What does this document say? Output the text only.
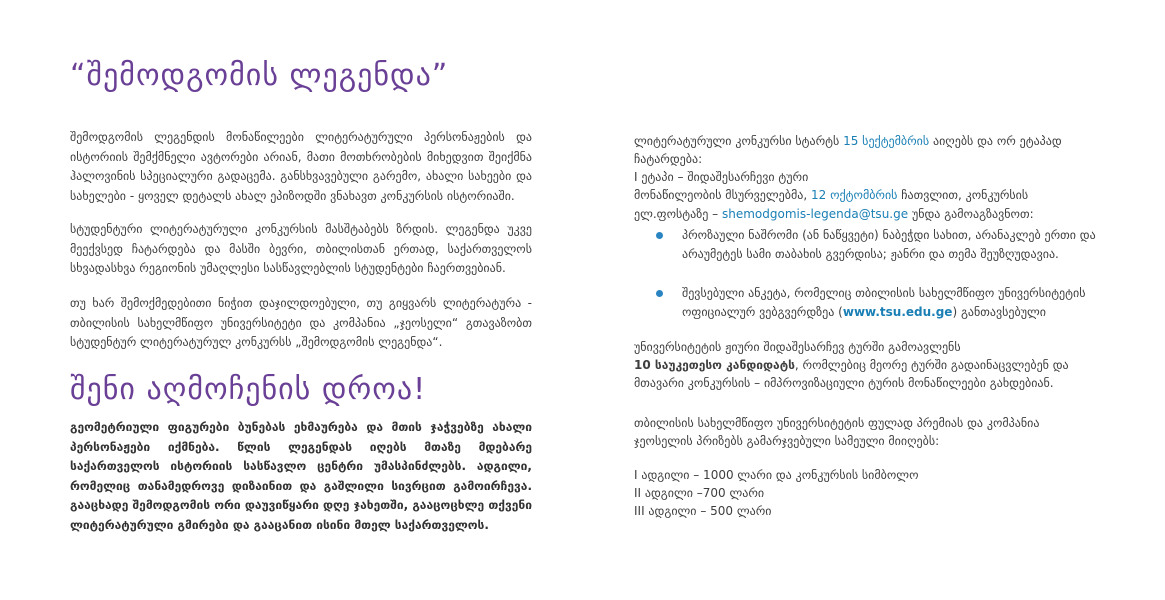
“შემოდგომის ლეგენდა”

შემოდგომის ლეგენდის მონაწილეები ლიტერატურული პერსონაჟების და ისტორიის შემქმნელი ავტორები არიან, მათი მოთხრობების მიხედვით შეიქმნა ჰალოვინის სპეციალური გადაცემა. განსხვავებული გარემო, ახალი სახეები და სახელები - ყოველ დეტალს ახალ ეპიზოდში ვნახავთ კონკურსის ისტორიაში.

სტუდენტური ლიტერატურული კონკურსის მასშტაბებს ზრდის. ლეგენდა უკვე მეექვსედ ჩატარდება და მასში ბევრი, თბილისთან ერთად, საქართველოს სხვადასხვა რეგიონის უმაღლესი სასწავლებლის სტუდენტები ჩაერთვებიან.

თუ ხარ შემოქმედებითი ნიჭით დაჯილდოებული, თუ გიყვარს ლიტერატურა - თბილისის სახელმწიფო უნივერსიტეტი და კომპანია „ჯეოსელი“ გთავაზობთ სტუდენტურ ლიტერატურულ კონკურსს „შემოდგომის ლეგენდა“.

შენი აღმოჩენის დროა!

გეომეტრიული ფიგურები ბუნებას ეხმაურება და მთის ჯაჭვებზე ახალი პერსონაჟები იქმნება. წლის ლეგენდას იღებს მთაზე მდებარე საქართველოს ისტორიის სასწავლო ცენტრი უმასპინძლებს. ადგილი, რომელიც თანამედროვე დიზაინით და გაშლილი სივრცით გამოირჩევა. გააცხადე შემოდგომის ორი დაუვიწყარი დღე ჯახეთში, გააცოცხლე თქვენი ლიტერატურული გმირები და გააცანით ისინი მთელ საქართველოს.

ლიტერატურული კონკურსი სტარტს 15 სექტემბრის აიღებს და ორ ეტაპად
ჩატარდება:
I ეტაპი – შიდაშესარჩევი ტური
მონაწილეობის მსურველებმა, 12 ოქტომბრის ჩათვლით, კონკურსის
ელ.ფოსტაზე – shemodgomis-legenda@tsu.ge უნდა გამოაგზავნოთ:
პროზაული ნაშრომი (ან ნაწყვეტი) ნაბეჭდი სახით, არანაკლებ ერთი და არაუმეტეს სამი თაბახის გვერდისა; ჟანრი და თემა შეუზღუდავია.
შევსებული ანკეტა, რომელიც თბილისის სახელმწიფო უნივერსიტეტის ოფიციალურ ვებგვერდზეა (www.tsu.edu.ge) განთავსებული
უნივერსიტეტის ჟიური შიდაშესარჩევ ტურში გამოავლენს
10 საუკეთესო კანდიდატს, რომლებიც მეორე ტურში გადაინაცვლებენ და
მთავარი კონკურსის – იმპროვიზაციული ტურის მონაწილეები გახდებიან.
თბილისის სახელმწიფო უნივერსიტეტის ფულად პრემიას და კომპანია
ჯეოსელის პრიზებს გამარჯვებული სამეული მიიღებს:
I ადგილი – 1000 ლარი და კონკურსის სიმბოლო
II ადგილი –700 ლარი
III ადგილი – 500 ლარი
